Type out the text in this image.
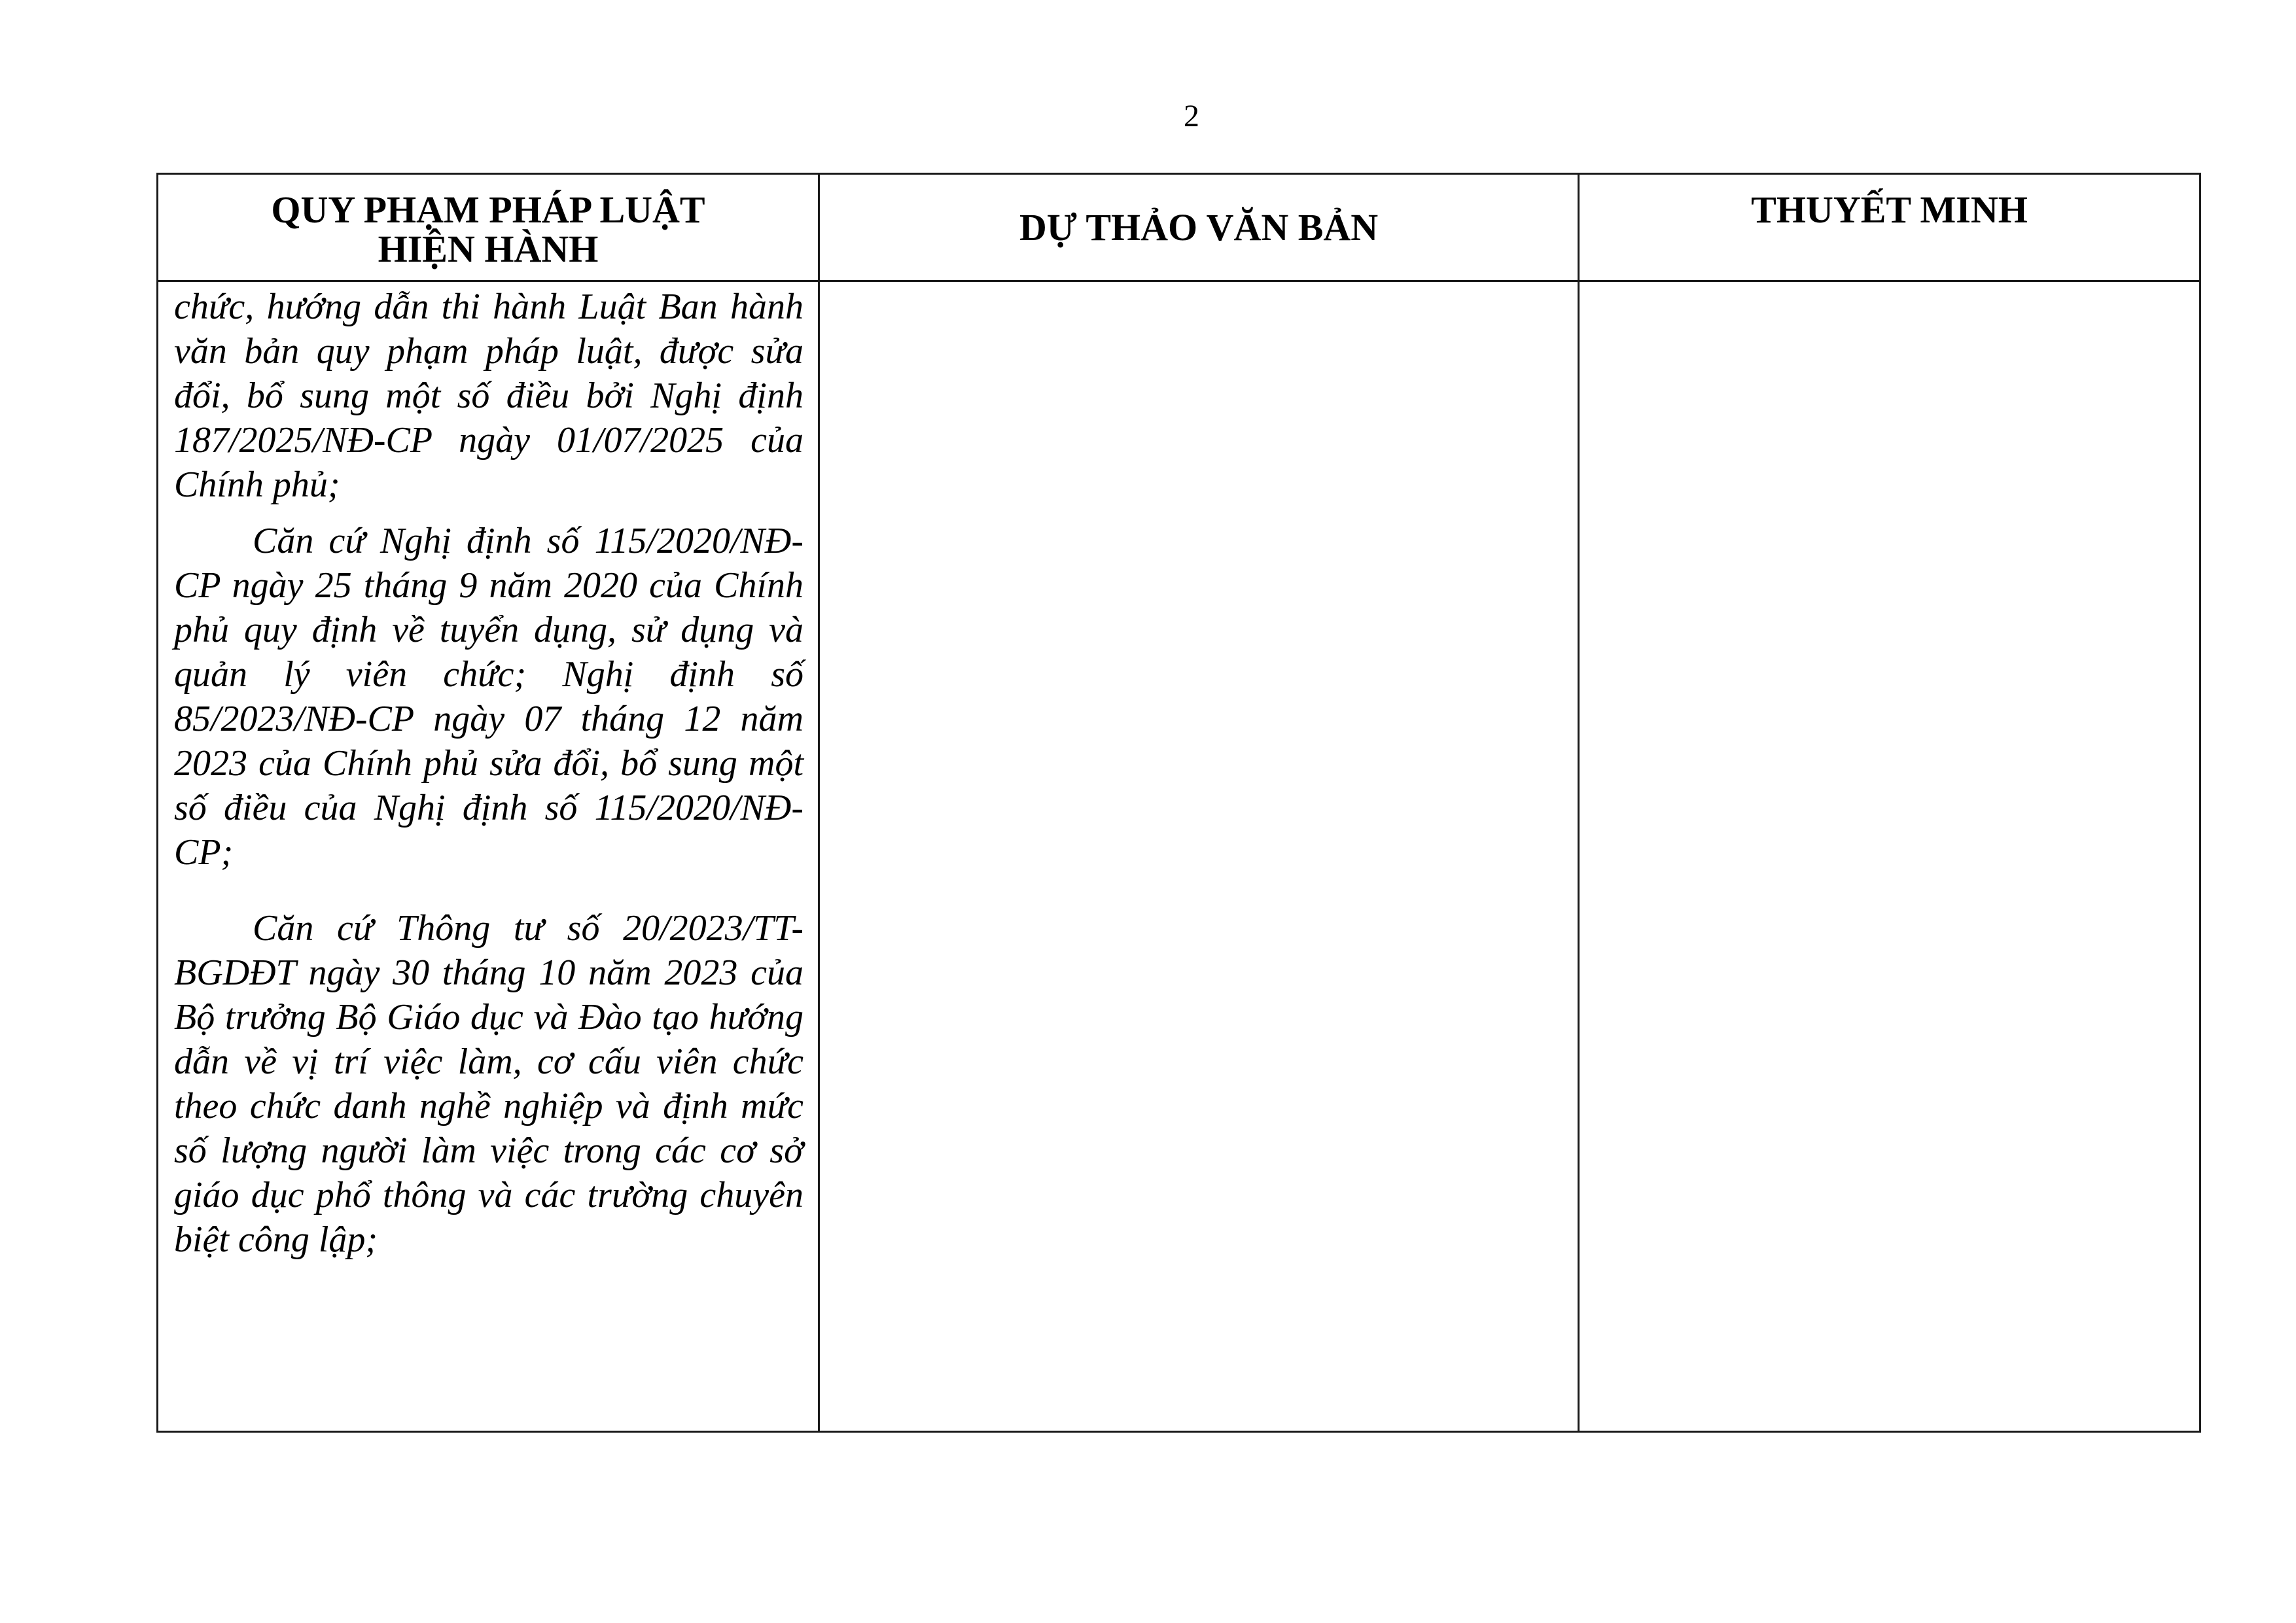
2
QUY PHẠM PHÁP LUẬT
HIỆN HÀNH	DỰ THẢO VĂN BẢN	THUYẾT MINH

chức, hướng dẫn thi hành Luật Ban hành văn bản quy phạm pháp luật, được sửa đổi, bổ sung một số điều bởi Nghị định 187/2025/NĐ-CP ngày 01/07/2025 của Chính phủ;

Căn cứ Nghị định số 115/2020/NĐ-CP ngày 25 tháng 9 năm 2020 của Chính phủ quy định về tuyển dụng, sử dụng và quản lý viên chức; Nghị định số 85/2023/NĐ-CP ngày 07 tháng 12 năm 2023 của Chính phủ sửa đổi, bổ sung một số điều của Nghị định số 115/2020/NĐ-CP;

Căn cứ Thông tư số 20/2023/TT-BGDĐT ngày 30 tháng 10 năm 2023 của Bộ trưởng Bộ Giáo dục và Đào tạo hướng dẫn về vị trí việc làm, cơ cấu viên chức theo chức danh nghề nghiệp và định mức số lượng người làm việc trong các cơ sở giáo dục phổ thông và các trường chuyên biệt công lập;		
